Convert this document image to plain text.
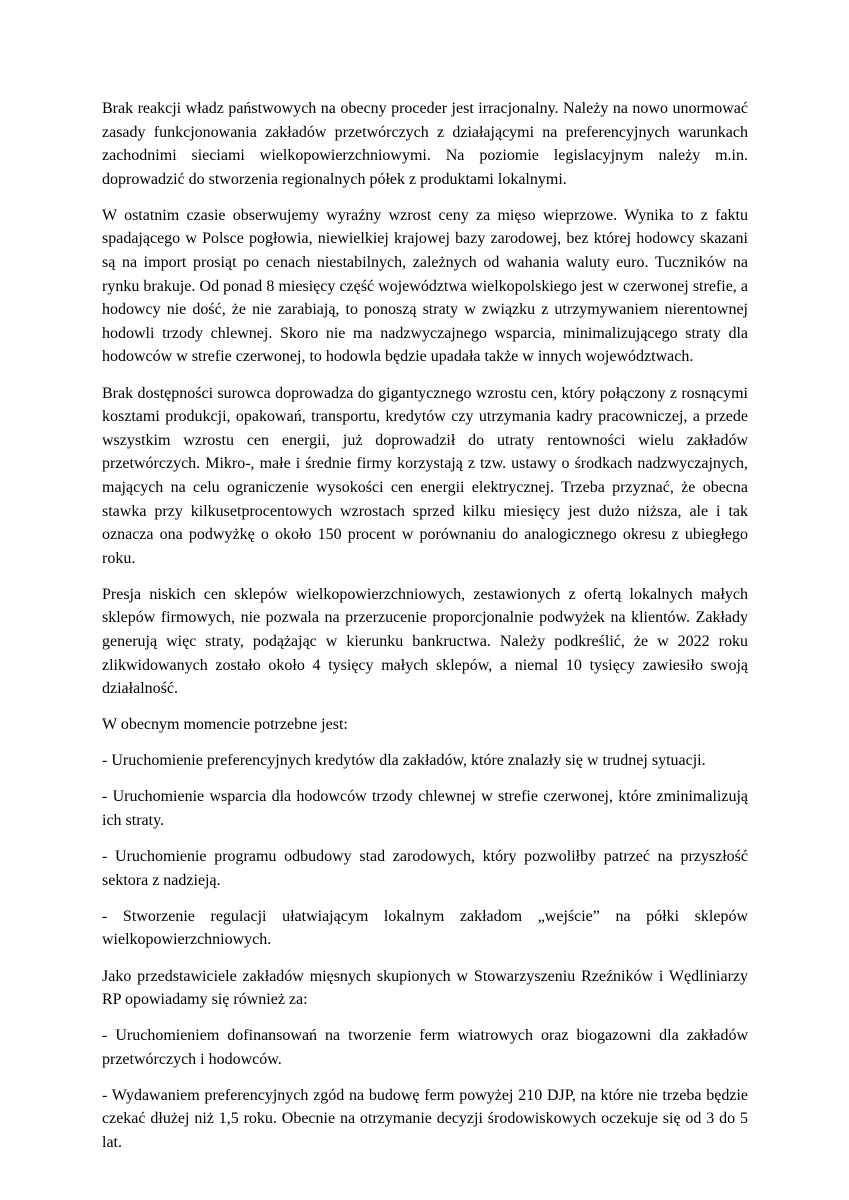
Brak reakcji władz państwowych na obecny proceder jest irracjonalny. Należy na nowo unormować zasady funkcjonowania zakładów przetwórczych z działającymi na preferencyjnych warunkach zachodnimi sieciami wielkopowierzchniowymi. Na poziomie legislacyjnym należy m.in. doprowadzić do stworzenia regionalnych półek z produktami lokalnymi.

W ostatnim czasie obserwujemy wyraźny wzrost ceny za mięso wieprzowe. Wynika to z faktu spadającego w Polsce pogłowia, niewielkiej krajowej bazy zarodowej, bez której hodowcy skazani są na import prosiąt po cenach niestabilnych, zależnych od wahania waluty euro. Tuczników na rynku brakuje. Od ponad 8 miesięcy część województwa wielkopolskiego jest w czerwonej strefie, a hodowcy nie dość, że nie zarabiają, to ponoszą straty w związku z utrzymywaniem nierentownej hodowli trzody chlewnej. Skoro nie ma nadzwyczajnego wsparcia, minimalizującego straty dla hodowców w strefie czerwonej, to hodowla będzie upadała także w innych województwach.

Brak dostępności surowca doprowadza do gigantycznego wzrostu cen, który połączony z rosnącymi kosztami produkcji, opakowań, transportu, kredytów czy utrzymania kadry pracowniczej, a przede wszystkim wzrostu cen energii, już doprowadził do utraty rentowności wielu zakładów przetwórczych. Mikro-, małe i średnie firmy korzystają z tzw. ustawy o środkach nadzwyczajnych, mających na celu ograniczenie wysokości cen energii elektrycznej. Trzeba przyznać, że obecna stawka przy kilkusetprocentowych wzrostach sprzed kilku miesięcy jest dużo niższa, ale i tak oznacza ona podwyżkę o około 150 procent w porównaniu do analogicznego okresu z ubiegłego roku.

Presja niskich cen sklepów wielkopowierzchniowych, zestawionych z ofertą lokalnych małych sklepów firmowych, nie pozwala na przerzucenie proporcjonalnie podwyżek na klientów. Zakłady generują więc straty, podążając w kierunku bankructwa. Należy podkreślić, że w 2022 roku zlikwidowanych zostało około 4 tysięcy małych sklepów, a niemal 10 tysięcy zawiesiło swoją działalność.

W obecnym momencie potrzebne jest:

- Uruchomienie preferencyjnych kredytów dla zakładów, które znalazły się w trudnej sytuacji.

- Uruchomienie wsparcia dla hodowców trzody chlewnej w strefie czerwonej, które zminimalizują ich straty.

- Uruchomienie programu odbudowy stad zarodowych, który pozwoliłby patrzeć na przyszłość sektora z nadzieją.

- Stworzenie regulacji ułatwiającym lokalnym zakładom „wejście” na półki sklepów wielkopowierzchniowych.

Jako przedstawiciele zakładów mięsnych skupionych w Stowarzyszeniu Rzeźników i Wędliniarzy RP opowiadamy się również za:

- Uruchomieniem dofinansowań na tworzenie ferm wiatrowych oraz biogazowni dla zakładów przetwórczych i hodowców.

- Wydawaniem preferencyjnych zgód na budowę ferm powyżej 210 DJP, na które nie trzeba będzie czekać dłużej niż 1,5 roku. Obecnie na otrzymanie decyzji środowiskowych oczekuje się od 3 do 5 lat.
